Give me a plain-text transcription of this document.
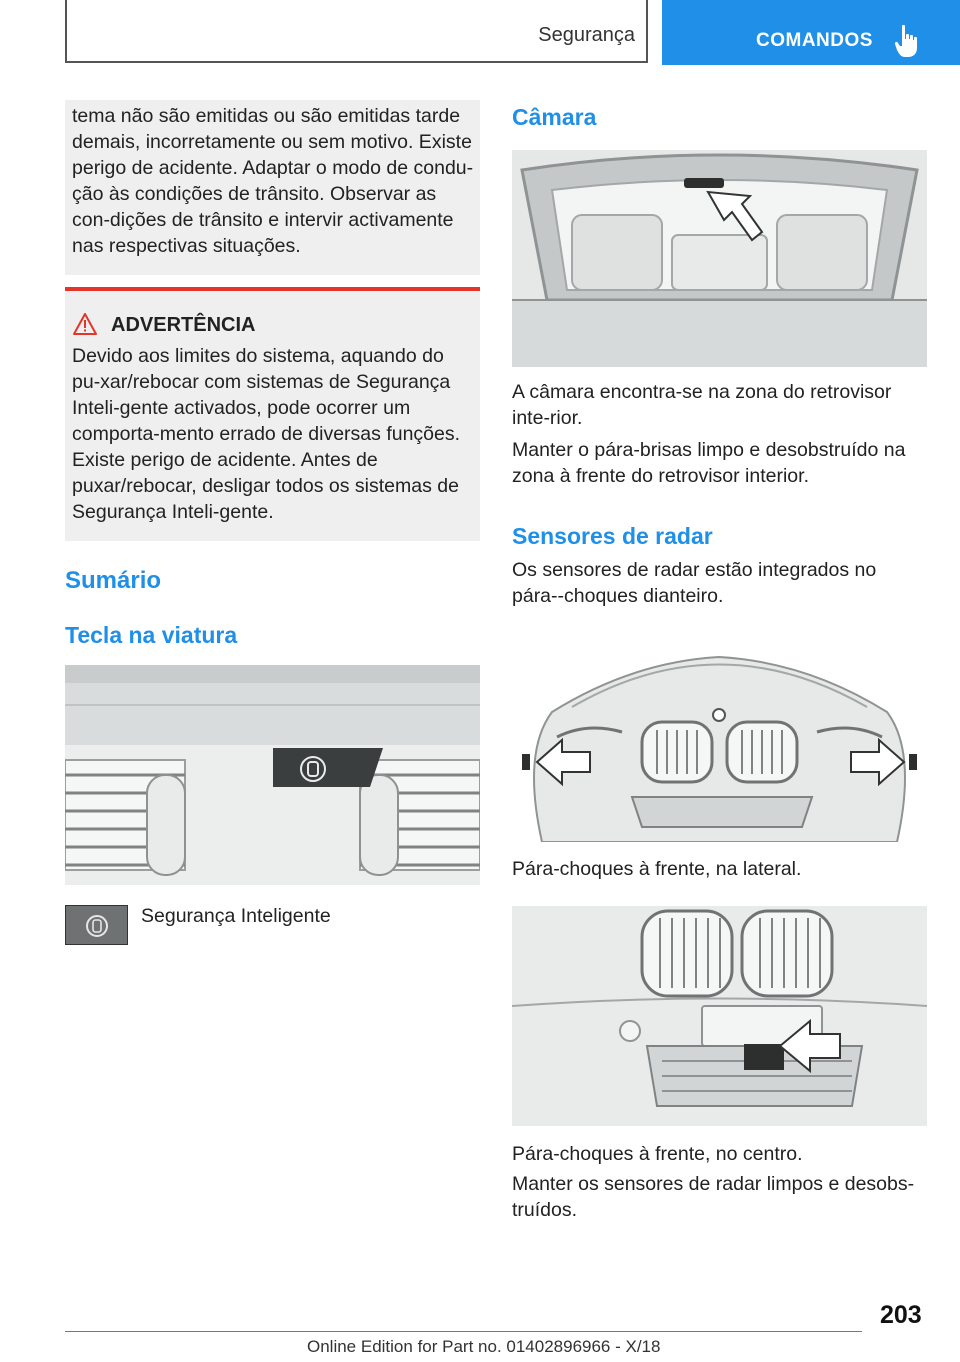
Segurança	COMANDOS
tema não são emitidas ou são emitidas tarde demais, incorretamente ou sem motivo. Existe perigo de acidente. Adaptar o modo de condu-ção às condições de trânsito. Observar as con-dições de trânsito e intervir activamente nas respectivas situações.
ADVERTÊNCIA
Devido aos limites do sistema, aquando do pu-xar/rebocar com sistemas de Segurança Inteli-gente activados, pode ocorrer um comporta-mento errado de diversas funções. Existe perigo de acidente. Antes de puxar/rebocar, desligar todos os sistemas de Segurança Inteli-gente.
Sumário
Tecla na viatura
Segurança Inteligente
Câmara
A câmara encontra-se na zona do retrovisor inte-rior.
Manter o pára-brisas limpo e desobstruído na zona à frente do retrovisor interior.
Sensores de radar
Os sensores de radar estão integrados no pára--choques dianteiro.
Pára-choques à frente, na lateral.
Pára-choques à frente, no centro.
Manter os sensores de radar limpos e desobs-truídos.
203
Online Edition for Part no. 01402896966 - X/18
